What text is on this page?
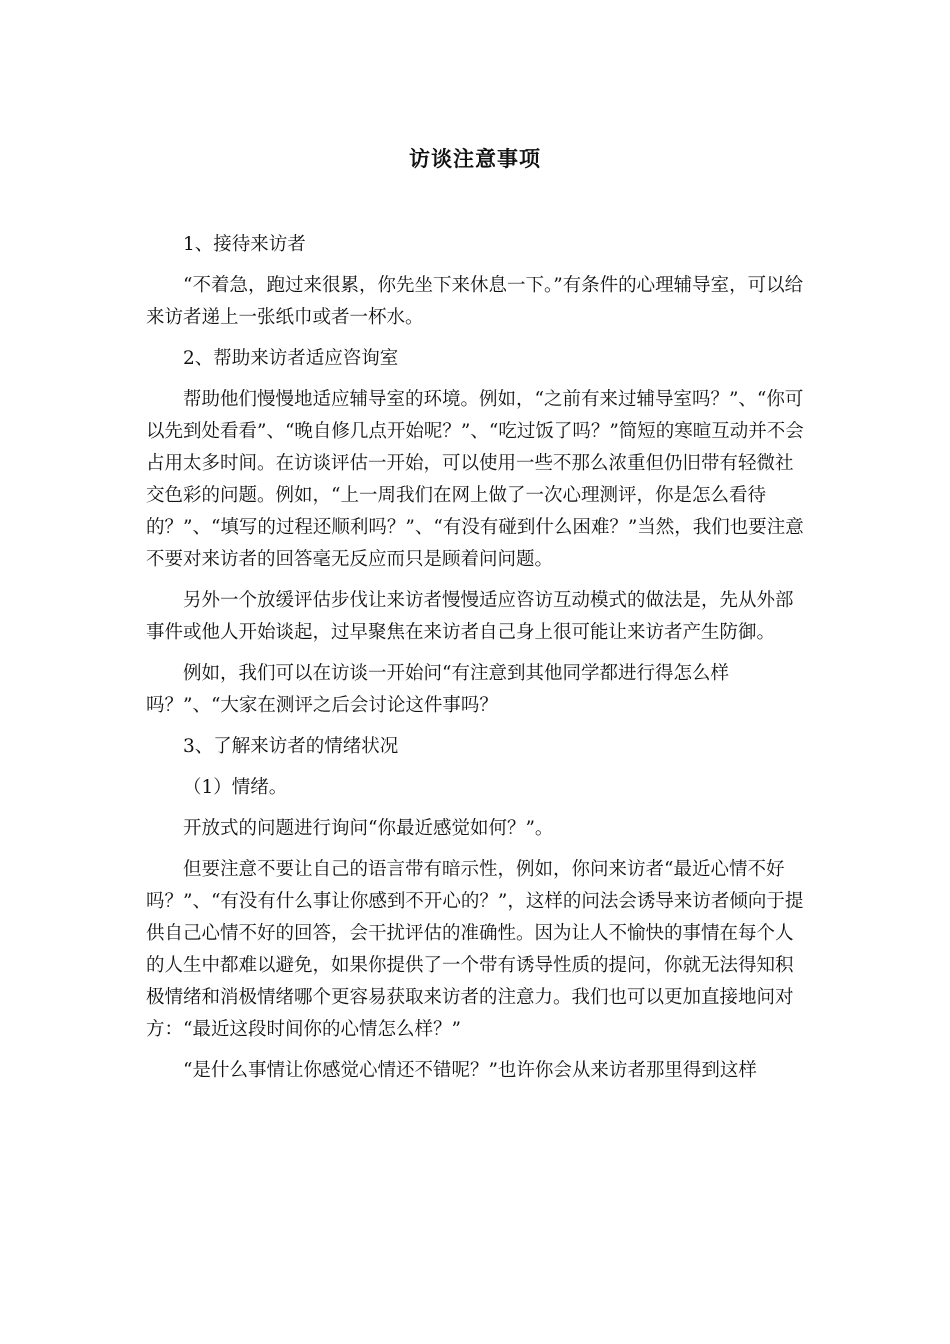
访谈注意事项

1、接待来访者

“不着急，跑过来很累，你先坐下来休息一下。”有条件的心理辅导室，可以给来访者递上一张纸巾或者一杯水。

2、帮助来访者适应咨询室

帮助他们慢慢地适应辅导室的环境。例如，“之前有来过辅导室吗？”、“你可以先到处看看”、“晚自修几点开始呢？”、“吃过饭了吗？”简短的寒暄互动并不会占用太多时间。在访谈评估一开始，可以使用一些不那么浓重但仍旧带有轻微社交色彩的问题。例如，“上一周我们在网上做了一次心理测评，你是怎么看待的？”、“填写的过程还顺利吗？”、“有没有碰到什么困难？”当然，我们也要注意不要对来访者的回答毫无反应而只是顾着问问题。

另外一个放缓评估步伐让来访者慢慢适应咨访互动模式的做法是，先从外部事件或他人开始谈起，过早聚焦在来访者自己身上很可能让来访者产生防御。

例如，我们可以在访谈一开始问“有注意到其他同学都进行得怎么样吗？”、“大家在测评之后会讨论这件事吗？

3、了解来访者的情绪状况

（1）情绪。

开放式的问题进行询问“你最近感觉如何？”。

但要注意不要让自己的语言带有暗示性，例如，你问来访者“最近心情不好吗？”、“有没有什么事让你感到不开心的？”，这样的问法会诱导来访者倾向于提供自己心情不好的回答，会干扰评估的准确性。因为让人不愉快的事情在每个人的人生中都难以避免，如果你提供了一个带有诱导性质的提问，你就无法得知积极情绪和消极情绪哪个更容易获取来访者的注意力。我们也可以更加直接地问对方：“最近这段时间你的心情怎么样？”

“是什么事情让你感觉心情还不错呢？”也许你会从来访者那里得到这样
